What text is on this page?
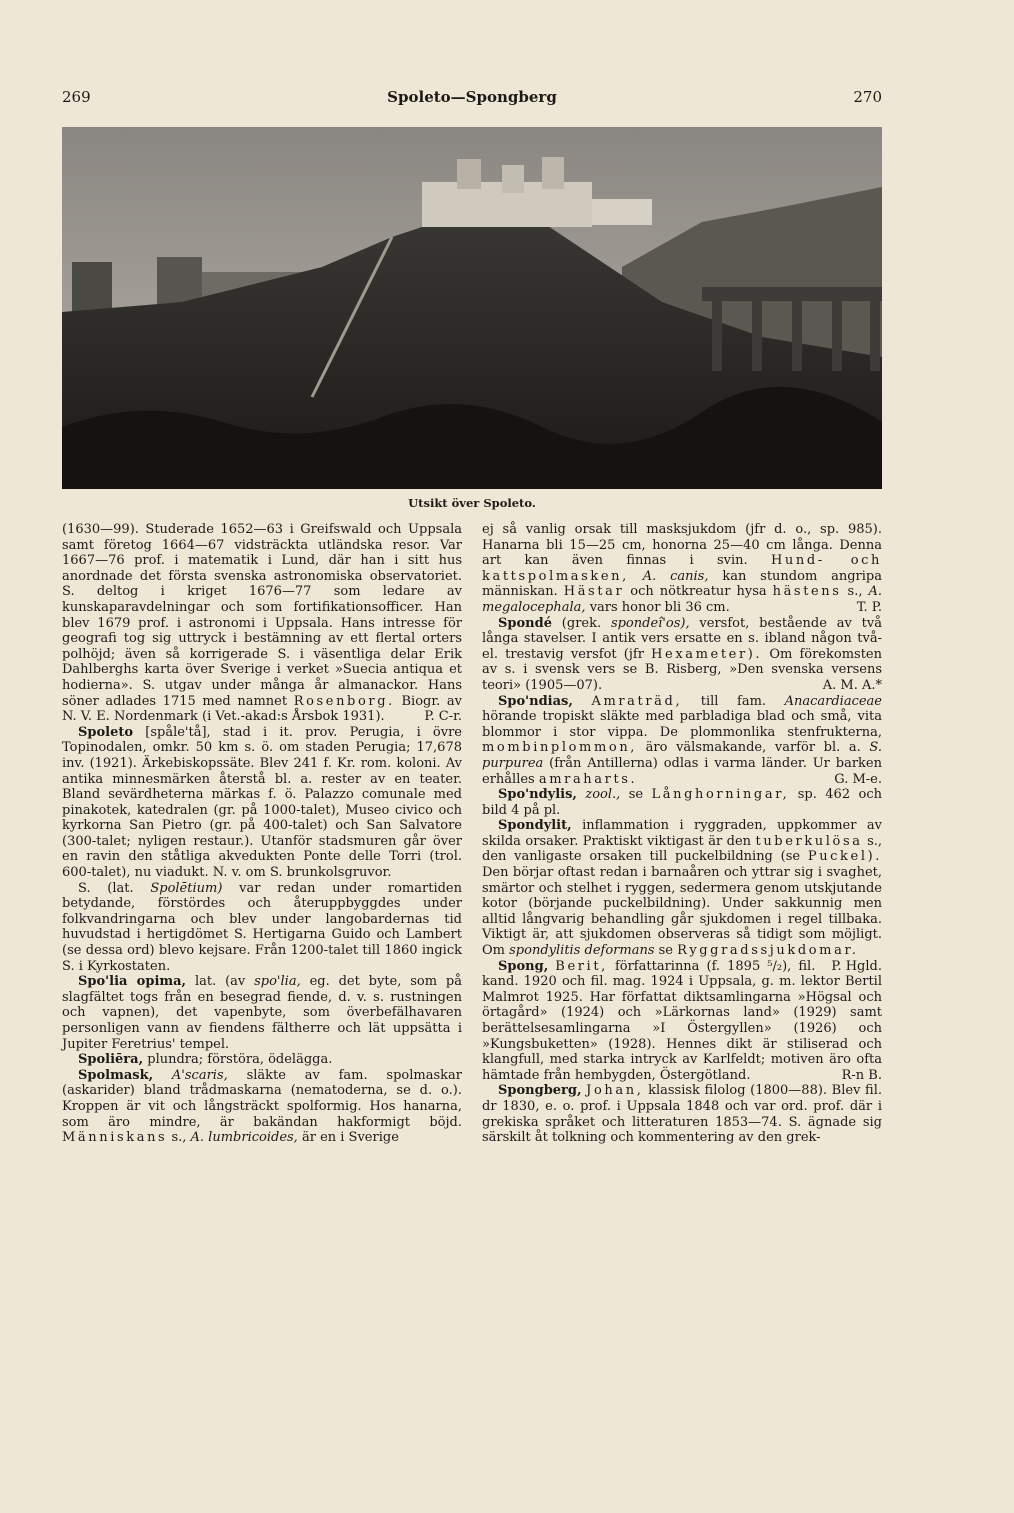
269	Spoleto—Spongberg	270
Utsikt över Spoleto.

(1630—99). Studerade 1652—63 i Greifswald och Uppsala samt företog 1664—67 vidsträckta utländska resor. Var 1667—76 prof. i matematik i Lund, där han i sitt hus anordnade det första svenska astronomiska observatoriet. S. deltog i kriget 1676—77 som ledare av kunskaparavdelningar och som fortifikationsofficer. Han blev 1679 prof. i astronomi i Uppsala. Hans intresse för geografi tog sig uttryck i bestämning av ett flertal orters polhöjd; även så korrigerade S. i väsentliga delar Erik Dahlberghs karta över Sverige i verket »Suecia antiqua et hodierna». S. utgav under många år almanackor. Hans söner adlades 1715 med namnet Rosenborg. Biogr. av N. V. E. Nordenmark (i Vet.-akad:s Årsbok 1931).	P. C-r.

Spoleto [spåle'tå], stad i it. prov. Perugia, i övre Topinodalen, omkr. 50 km s. ö. om staden Perugia; 17,678 inv. (1921). Ärkebiskopssäte. Blev 241 f. Kr. rom. koloni. Av antika minnesmärken återstå bl. a. rester av en teater. Bland sevärdheterna märkas f. ö. Palazzo comunale med pinakotek, katedralen (gr. på 1000-talet), Museo civico och kyrkorna San Pietro (gr. på 400-talet) och San Salvatore (300-talet; nyligen restaur.). Utanför stadsmuren går över en ravin den ståtliga akvedukten Ponte delle Torri (trol. 600-talet), nu viadukt. N. v. om S. brunkolsgruvor.

S. (lat. Spolētium) var redan under romartiden betydande, förstördes och återuppbyggdes under folkvandringarna och blev under langobardernas tid huvudstad i hertigdömet S. Hertigarna Guido och Lambert (se dessa ord) blevo kejsare. Från 1200-talet till 1860 ingick S. i Kyrkostaten.

Spo'lia opima, lat. (av spo'lia, eg. det byte, som på slagfältet togs från en besegrad fiende, d. v. s. rustningen och vapnen), det vapenbyte, som överbefälhavaren personligen vann av fiendens fältherre och lät uppsätta i Jupiter Feretrius' tempel.

Spoliēra, plundra; förstöra, ödelägga.

Spolmask, A'scaris, släkte av fam. spolmaskar (askarider) bland trådmaskarna (nematoderna, se d. o.). Kroppen är vit och långsträckt spolformig. Hos hanarna, som äro mindre, är bakändan hakformigt böjd. Människans s., A. lumbricoides, är en i Sverige

ej så vanlig orsak till masksjukdom (jfr d. o., sp. 985). Hanarna bli 15—25 cm, honorna 25—40 cm långa. Denna art kan även finnas i svin. Hund- och kattspolmasken, A. canis, kan stundom angripa människan. Hästar och nötkreatur hysa hästens s., A. megalocephala, vars honor bli 36 cm.	T. P.

Spondé (grek. spondeî'os), versfot, bestående av två långa stavelser. I antik vers ersatte en s. ibland någon två- el. trestavig versfot (jfr Hexameter). Om förekomsten av s. i svensk vers se B. Risberg, »Den svenska versens teori» (1905—07).	A. M. A.*

Spo'ndias, Amraträd, till fam. Anacardiaceae hörande tropiskt släkte med parbladiga blad och små, vita blommor i stor vippa. De plommonlika stenfrukterna, mombinplommon, äro välsmakande, varför bl. a. S. purpurea (från Antillerna) odlas i varma länder. Ur barken erhålles amraharts.	G. M-e.

Spo'ndylis, zool., se Långhorningar, sp. 462 och bild 4 på pl.

Spondylit, inflammation i ryggraden, uppkommer av skilda orsaker. Praktiskt viktigast är den tuberkulösa s., den vanligaste orsaken till puckelbildning (se Puckel). Den börjar oftast redan i barnaåren och yttrar sig i svaghet, smärtor och stelhet i ryggen, sedermera genom utskjutande kotor (börjande puckelbildning). Under sakkunnig men alltid långvarig behandling går sjukdomen i regel tillbaka. Viktigt är, att sjukdomen observeras så tidigt som möjligt. Om spondylitis deformans se Ryggradssjukdomar.
P. Hgld.

Spong, Berit, författarinna (f. 1895 ⁵/₂), fil. kand. 1920 och fil. mag. 1924 i Uppsala, g. m. lektor Bertil Malmrot 1925. Har författat diktsamlingarna »Högsal och örtagård» (1924) och »Lärkornas land» (1929) samt berättelsesamlingarna »I Östergyllen» (1926) och »Kungsbuketten» (1928). Hennes dikt är stiliserad och klangfull, med starka intryck av Karlfeldt; motiven äro ofta hämtade från hembygden, Östergötland.	R-n B.

Spongberg, Johan, klassisk filolog (1800—88). Blev fil. dr 1830, e. o. prof. i Uppsala 1848 och var ord. prof. där i grekiska språket och litteraturen 1853—74. S. ägnade sig särskilt åt tolkning och kommentering av den grek-
